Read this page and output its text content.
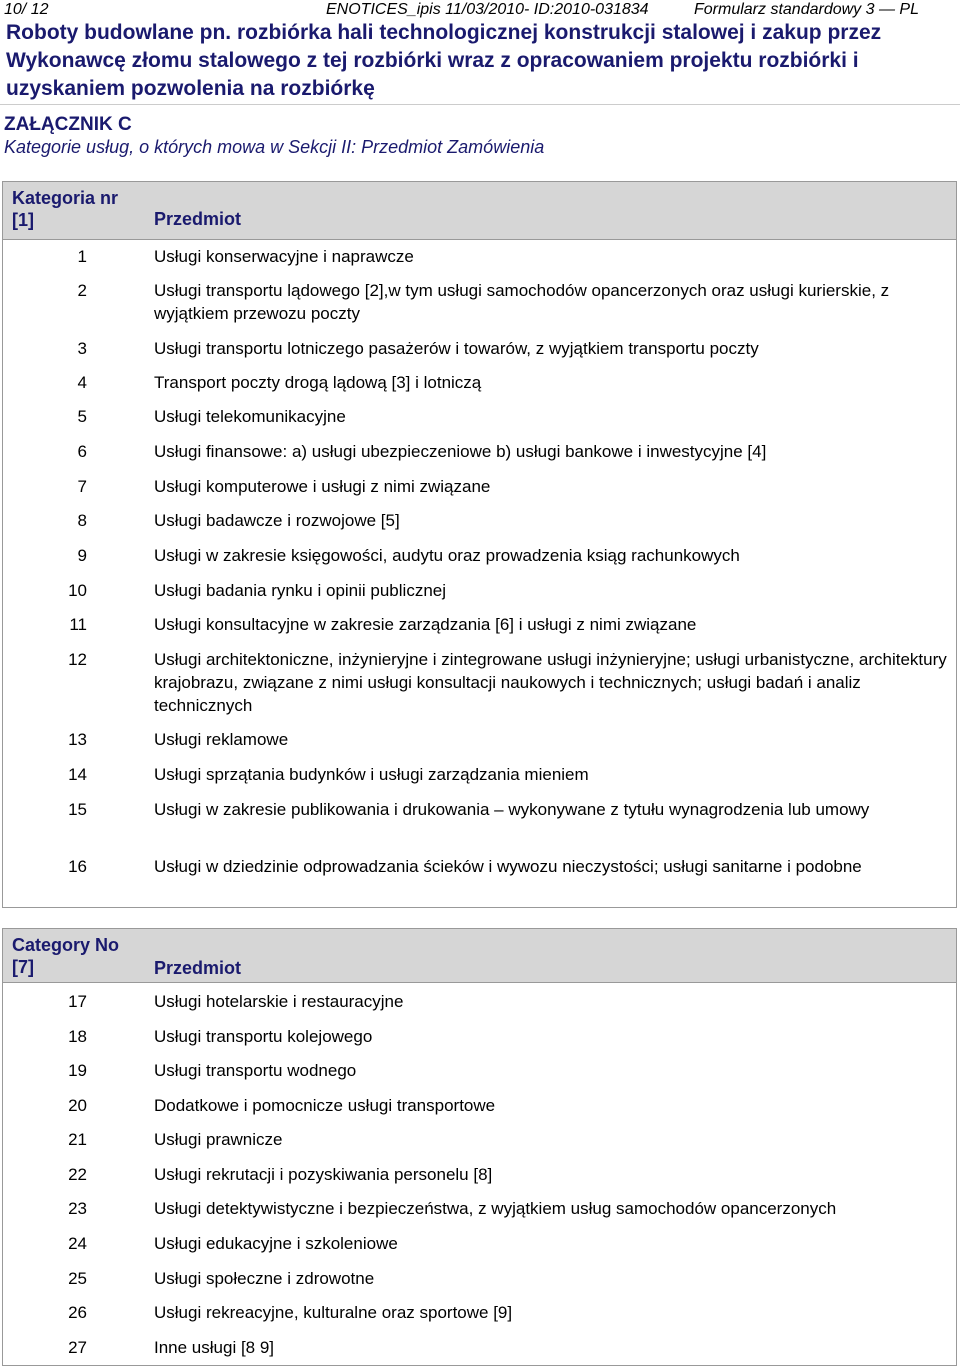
10/ 12	ENOTICES_ipis 11/03/2010- ID:2010-031834	Formularz standardowy 3 — PL
Roboty budowlane pn. rozbiórka hali technologicznej konstrukcji stalowej i zakup przez Wykonawcę złomu stalowego z tej rozbiórki wraz z opracowaniem projektu rozbiórki i uzyskaniem pozwolenia na rozbiórkę
ZAŁĄCZNIK C
Kategorie usług, o których mowa w Sekcji II: Przedmiot Zamówienia
Kategoria nr [1]	Przedmiot
1	Usługi konserwacyjne i naprawcze
2	Usługi transportu lądowego [2],w tym usługi samochodów opancerzonych oraz usługi kurierskie, z wyjątkiem przewozu poczty
3	Usługi transportu lotniczego pasażerów i towarów, z wyjątkiem transportu poczty
4	Transport poczty drogą lądową [3] i lotniczą
5	Usługi telekomunikacyjne
6	Usługi finansowe: a) usługi ubezpieczeniowe b) usługi bankowe i inwestycyjne [4]
7	Usługi komputerowe i usługi z nimi związane
8	Usługi badawcze i rozwojowe [5]
9	Usługi w zakresie księgowości, audytu oraz prowadzenia ksiąg rachunkowych
10	Usługi badania rynku i opinii publicznej
11	Usługi konsultacyjne w zakresie zarządzania [6] i usługi z nimi związane
12	Usługi architektoniczne, inżynieryjne i zintegrowane usługi inżynieryjne; usługi urbanistyczne, architektury krajobrazu, związane z nimi usługi konsultacji naukowych i technicznych; usługi badań i analiz technicznych
13	Usługi reklamowe
14	Usługi sprzątania budynków i usługi zarządzania mieniem
15	Usługi w zakresie publikowania i drukowania – wykonywane z tytułu wynagrodzenia lub umowy
16	Usługi w dziedzinie odprowadzania ścieków i wywozu nieczystości; usługi sanitarne i podobne
Category No [7]	Przedmiot
17	Usługi hotelarskie i restauracyjne
18	Usługi transportu kolejowego
19	Usługi transportu wodnego
20	Dodatkowe i pomocnicze usługi transportowe
21	Usługi prawnicze
22	Usługi rekrutacji i pozyskiwania personelu [8]
23	Usługi detektywistyczne i bezpieczeństwa, z wyjątkiem usług samochodów opancerzonych
24	Usługi edukacyjne i szkoleniowe
25	Usługi społeczne i zdrowotne
26	Usługi rekreacyjne, kulturalne oraz sportowe [9]
27	Inne usługi [8 9]
